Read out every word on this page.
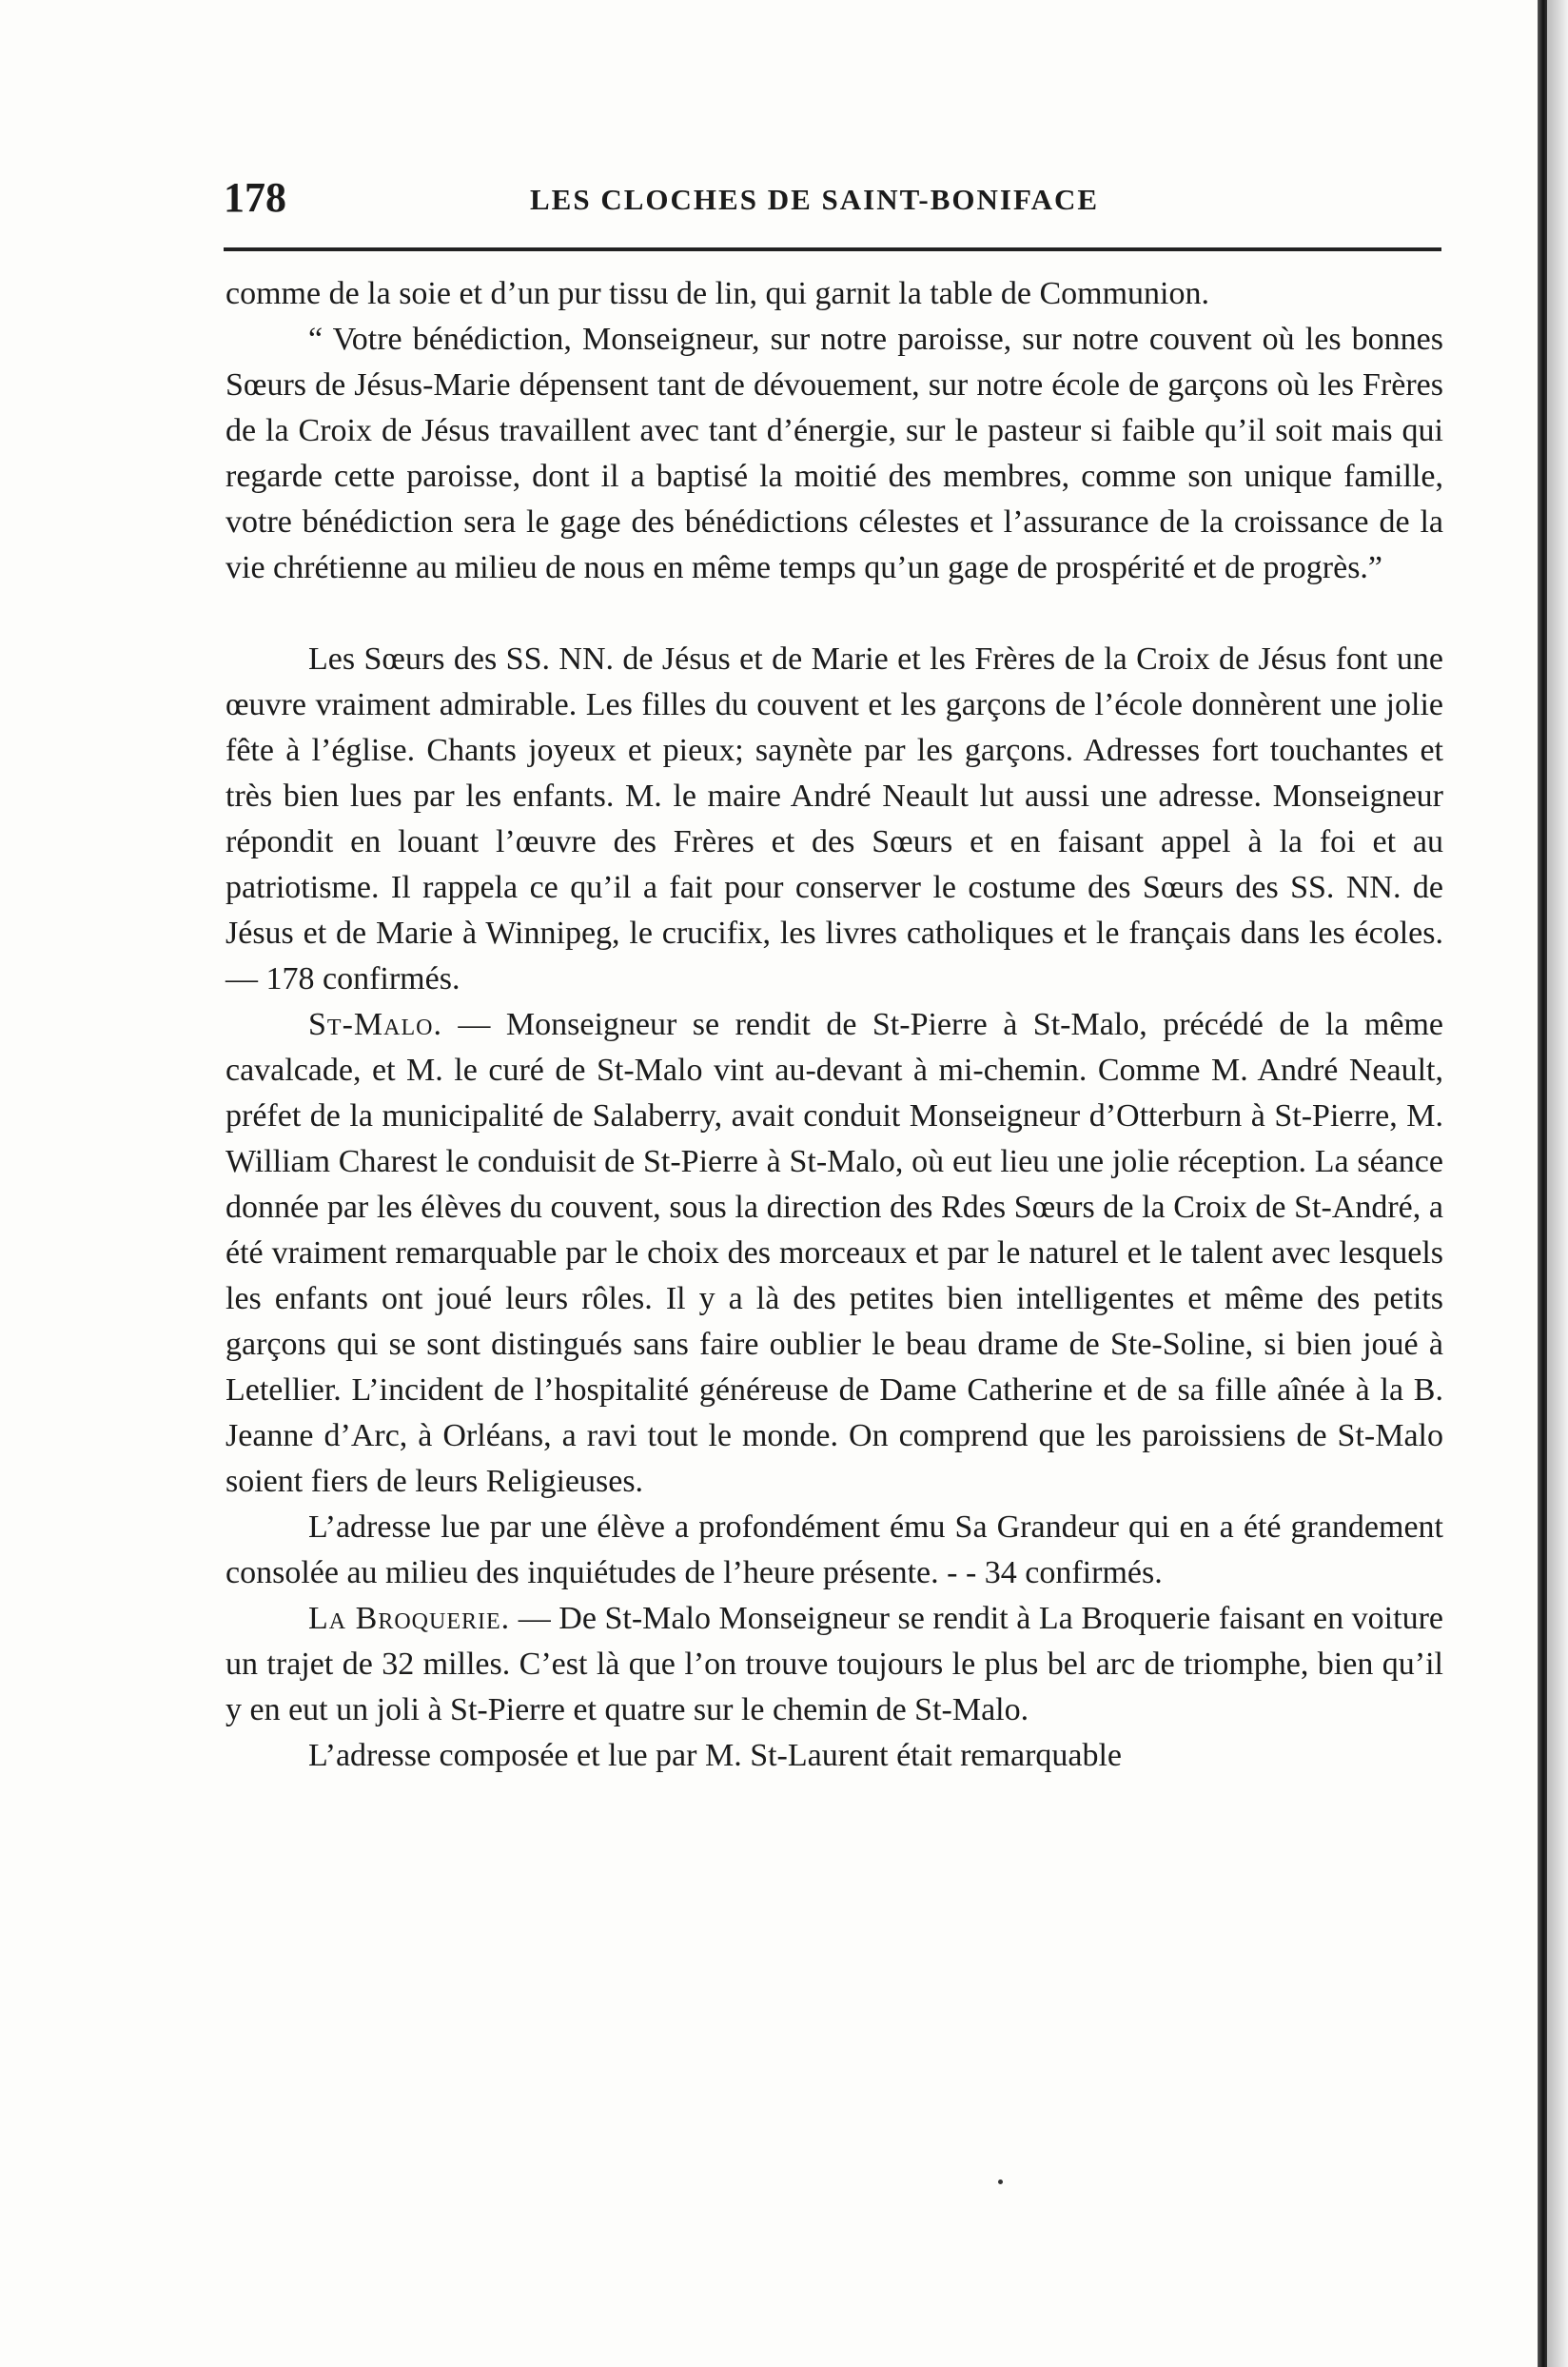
178	LES CLOCHES DE SAINT-BONIFACE

comme de la soie et d’un pur tissu de lin, qui garnit la table de Communion.

“ Votre bénédiction, Monseigneur, sur notre paroisse, sur notre couvent où les bonnes Sœurs de Jésus-Marie dépensent tant de dévouement, sur notre école de garçons où les Frères de la Croix de Jésus travaillent avec tant d’énergie, sur le pasteur si faible qu’il soit mais qui regarde cette paroisse, dont il a baptisé la moitié des membres, comme son unique famille, votre bénédiction sera le gage des bénédictions célestes et l’assurance de la croissance de la vie chrétienne au milieu de nous en même temps qu’un gage de prospérité et de progrès.”

Les Sœurs des SS. NN. de Jésus et de Marie et les Frères de la Croix de Jésus font une œuvre vraiment admirable. Les filles du couvent et les garçons de l’école donnèrent une jolie fête à l’église. Chants joyeux et pieux; saynète par les garçons. Adresses fort touchantes et très bien lues par les enfants. M. le maire André Neault lut aussi une adresse. Monseigneur répondit en louant l’œuvre des Frères et des Sœurs et en faisant appel à la foi et au patriotisme. Il rappela ce qu’il a fait pour conserver le costume des Sœurs des SS. NN. de Jésus et de Marie à Winnipeg, le crucifix, les livres catholiques et le français dans les écoles. — 178 confirmés.

St-Malo. — Monseigneur se rendit de St-Pierre à St-Malo, précédé de la même cavalcade, et M. le curé de St-Malo vint au-devant à mi-chemin. Comme M. André Neault, préfet de la municipalité de Salaberry, avait conduit Monseigneur d’Otterburn à St-Pierre, M. William Charest le conduisit de St-Pierre à St-Malo, où eut lieu une jolie réception. La séance donnée par les élèves du couvent, sous la direction des Rdes Sœurs de la Croix de St-André, a été vraiment remarquable par le choix des morceaux et par le naturel et le talent avec lesquels les enfants ont joué leurs rôles. Il y a là des petites bien intelligentes et même des petits garçons qui se sont distingués sans faire oublier le beau drame de Ste-Soline, si bien joué à Letellier. L’incident de l’hospitalité généreuse de Dame Catherine et de sa fille aînée à la B. Jeanne d’Arc, à Orléans, a ravi tout le monde. On comprend que les paroissiens de St-Malo soient fiers de leurs Religieuses.

L’adresse lue par une élève a profondément ému Sa Grandeur qui en a été grandement consolée au milieu des inquiétudes de l’heure présente. - - 34 confirmés.

La Broquerie. — De St-Malo Monseigneur se rendit à La Broquerie faisant en voiture un trajet de 32 milles. C’est là que l’on trouve toujours le plus bel arc de triomphe, bien qu’il y en eut un joli à St-Pierre et quatre sur le chemin de St-Malo.

L’adresse composée et lue par M. St-Laurent était remarquable
